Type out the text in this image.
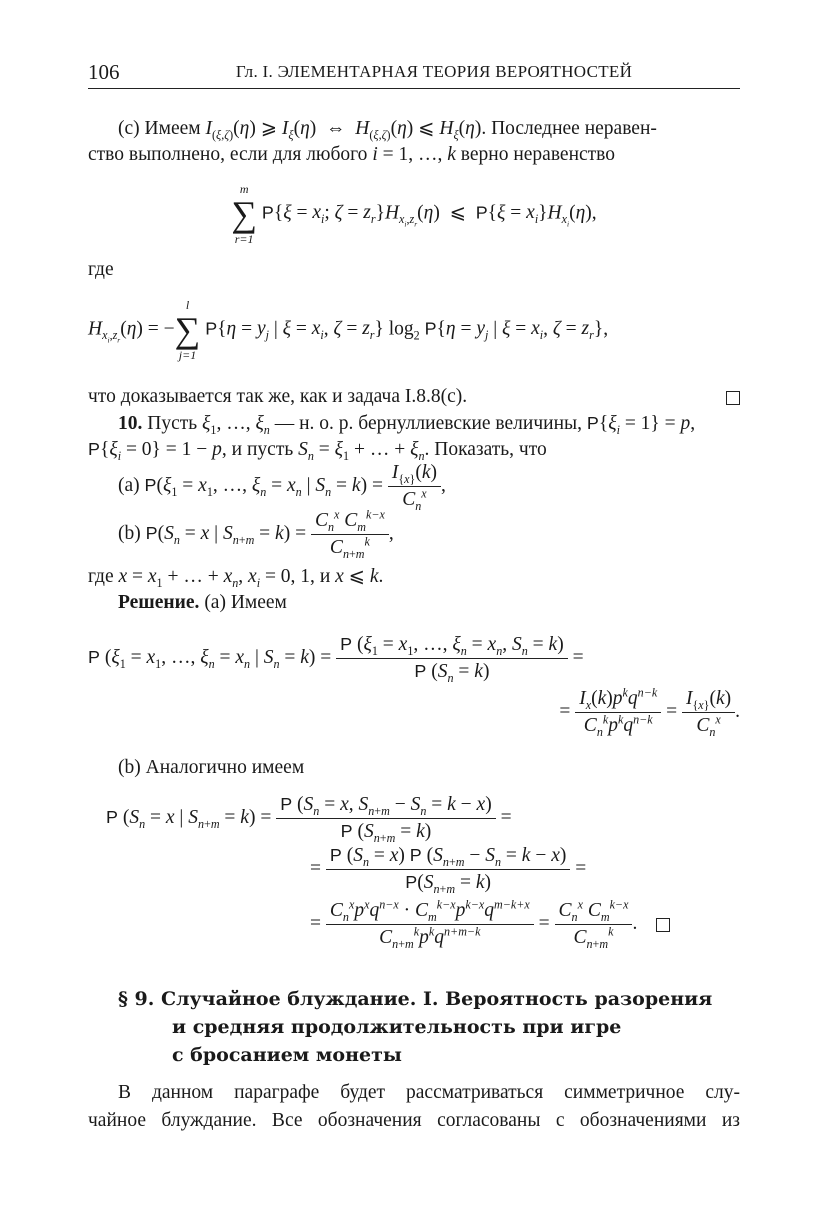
106	Гл. I. ЭЛЕМЕНТАРНАЯ ТЕОРИЯ ВЕРОЯТНОСТЕЙ
(c) Имеем $I_{(\xi,\zeta)}(\eta)$ ⩾ $I_\xi(\eta)$  ⇔  $H_{(\xi,\zeta)}(\eta)$ ⩽ $H_\xi(\eta)$. Последнее неравен-
ство выполнено, если для любого i = 1, …, k верно неравенство
m
∑
r=1
$P\{\xi = x_i$; $\zeta = z_r\}H_{x_i,z_r}(\eta)$  ⩽  $P\{\xi = x_i\}H_{x_i}(\eta)$,
где
$H_{x_i,z_r}(\eta)$ = −
l
∑
j=1
$P\{\eta = y_j$ | $\xi = x_i$, $\zeta = z_r$} $\log_2 P\{\eta = y_j$ | $\xi = x_i$, $\zeta = z_r$},
что доказывается так же, как и задача I.8.8(c).
10. Пусть $\xi_1$, …, $\xi_n$ — н. о. р. бернуллиевские величины, $P\{\xi_i = 1\} = p$,
$P\{\xi_i = 0\} = 1 - p$, и пусть $S_n = \xi_1$ + … + $\xi_n$. Показать, что
(a) $P(\xi_1 = x_1$, …, $\xi_n = x_n$ | $S_n = k) = \frac{I_{\{x\}}(k)}{C_n^x}$ ,
(b) $P(S_n = x$ | $S_{n+m} = k) = \frac{C_n^x C_m^{k-x}}{C_{n+m}^k}$ ,
где $x = x_1$ + … + $x_n$, $x_i = 0$, 1, и x ⩽ k.
Решение. (a) Имеем
P ($\xi_1 = x_1$, …, $\xi_n = x_n$ | $S_n = k) = \frac{P (\xi_1 = x_1, \dots, \xi_n = x_n, S_n = k)}{P (S_n = k)}$ =
= $\frac{I_x(k)p^kq^{n-k}}{C_n^kp^kq^{n-k}} = \frac{I_{\{x\}}(k)}{C_n^x}$ .
(b) Аналогично имеем
P ($S_n = x$ | $S_{n+m} = k) = \frac{P (S_n = x, S_{n+m} - S_n = k - x)}{P (S_{n+m} = k)}$ =
= $\frac{P (S_n = x) P (S_{n+m} - S_n = k - x)}{P(S_{n+m} = k)}$ =
= $\frac{C_n^xp^xq^{n-x} \cdot C_m^{k-x}p^{k-x}q^{m-k+x}}{C_{n+m}^kp^kq^{n+m-k}} = \frac{C_n^x C_m^{k-x}}{C_{n+m}^k}$ .
§ 9. Случайное блуждание. I. Вероятность разорения
и средняя продолжительность при игре
с бросанием монеты
В данном параграфе будет рассматриваться симметричное слу-
чайное блуждание. Все обозначения согласованы с обозначениями из
